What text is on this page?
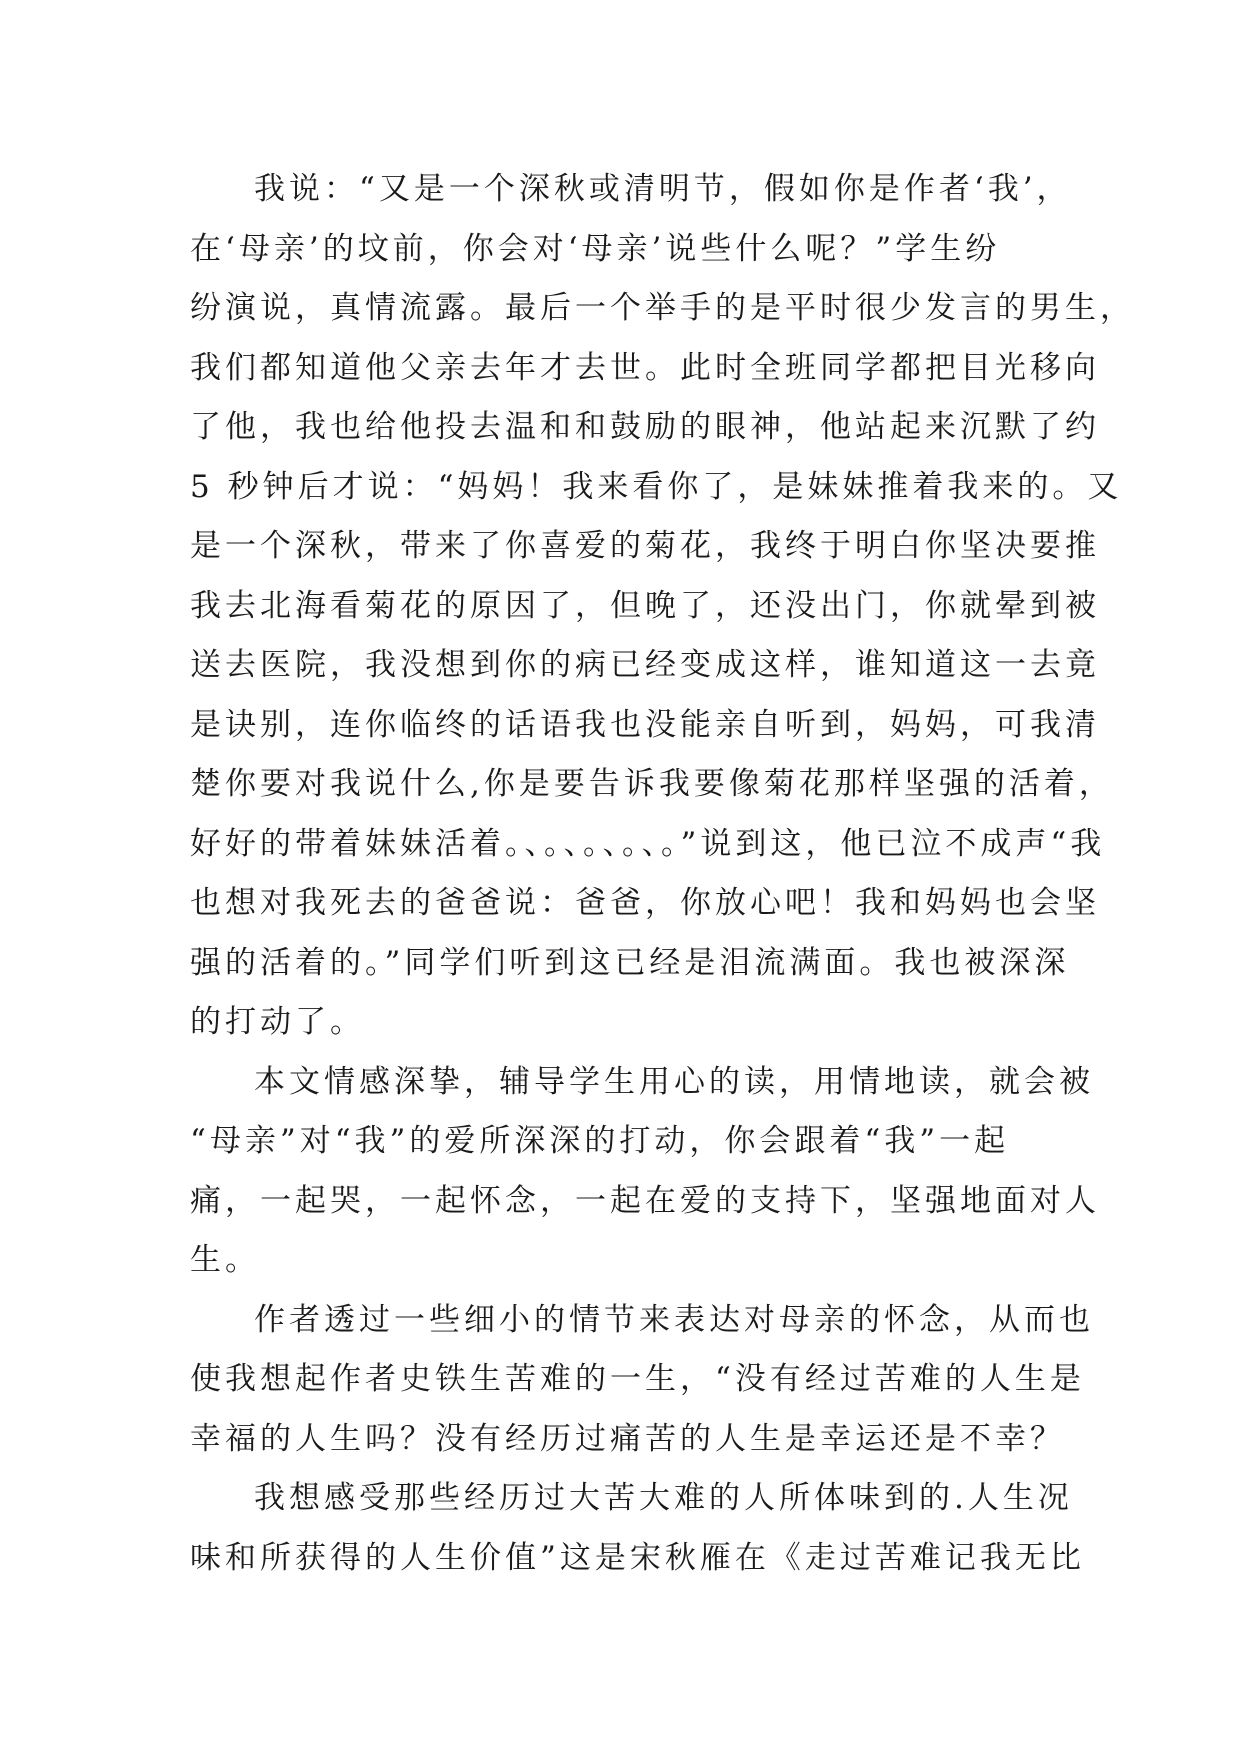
我说：“又是一个深秋或清明节，假如你是作者‘我’，
在‘母亲’的坟前，你会对‘母亲’说些什么呢？”学生纷
纷演说，真情流露。最后一个举手的是平时很少发言的男生，
我们都知道他父亲去年才去世。此时全班同学都把目光移向
了他，我也给他投去温和和鼓励的眼神，他站起来沉默了约
5 秒钟后才说：“妈妈！我来看你了，是妹妹推着我来的。又
是一个深秋，带来了你喜爱的菊花，我终于明白你坚决要推
我去北海看菊花的原因了，但晚了，还没出门，你就晕到被
送去医院，我没想到你的病已经变成这样，谁知道这一去竟
是诀别，连你临终的话语我也没能亲自听到，妈妈，可我清
楚你要对我说什么,你是要告诉我要像菊花那样坚强的活着，
好好的带着妹妹活着。、。、。、。、。”说到这，他已泣不成声“我
也想对我死去的爸爸说：爸爸，你放心吧！我和妈妈也会坚
强的活着的。”同学们听到这已经是泪流满面。我也被深深
的打动了。
本文情感深挚，辅导学生用心的读，用情地读，就会被
“母亲”对“我”的爱所深深的打动，你会跟着“我”一起
痛，一起哭，一起怀念，一起在爱的支持下，坚强地面对人
生。
作者透过一些细小的情节来表达对母亲的怀念，从而也
使我想起作者史铁生苦难的一生，“没有经过苦难的人生是
幸福的人生吗？没有经历过痛苦的人生是幸运还是不幸？
我想感受那些经历过大苦大难的人所体味到的.人生况
味和所获得的人生价值”这是宋秋雁在《走过苦难记我无比
